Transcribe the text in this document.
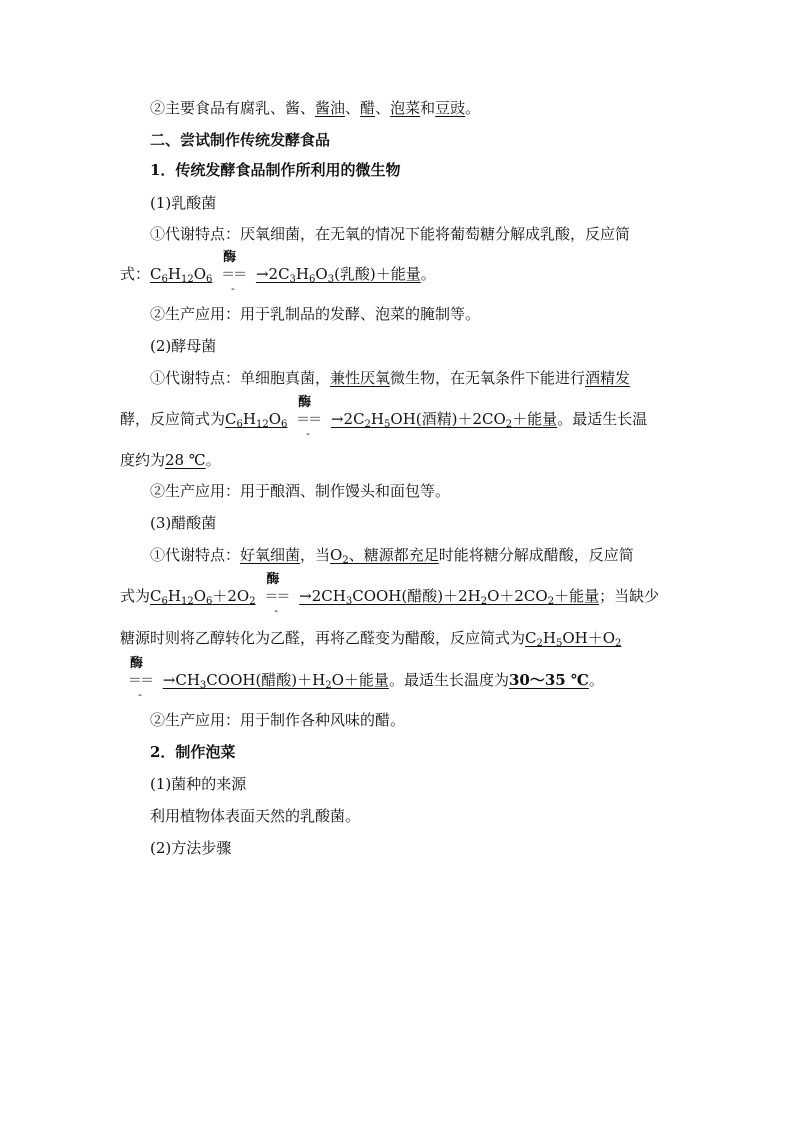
②主要食品有腐乳、酱、酱油、醋、泡菜和豆豉。
二、尝试制作传统发酵食品
1．传统发酵食品制作所利用的微生物
(1)乳酸菌
①代谢特点：厌氧细菌，在无氧的情况下能将葡萄糖分解成乳酸，反应简
式：$C_6H_{12}O_6$
酶
＝
-
＝ $\to 2C_3H_6O_3$(乳酸)＋能量。
②生产应用：用于乳制品的发酵、泡菜的腌制等。
(2)酵母菌
①代谢特点：单细胞真菌，兼性厌氧微生物，在无氧条件下能进行酒精发
酵，反应简式为$C_6H_{12}O_6$
酶
＝
-
＝ $\to 2C_2H_5OH$(酒精)$+2CO_2+$能量。最适生长温
度约为28 ℃。
②生产应用：用于酿酒、制作馒头和面包等。
(3)醋酸菌
①代谢特点：好氧细菌，当$O_2$、糖源都充足时能将糖分解成醋酸，反应简
式为$C_6H_{12}O_6+2O_2$
酶
＝
-
＝ $\to 2CH_3COOH$(醋酸)$+2H_2O+2CO_2+$能量；当缺少
糖源时则将乙醇转化为乙醛，再将乙醛变为醋酸，反应简式为$C_2H_5OH+O_2$
酶
＝
-
＝ $\to CH_3COOH$(醋酸)$+H_2O+$能量。最适生长温度为30～35 ℃。
②生产应用：用于制作各种风味的醋。
2．制作泡菜
(1)菌种的来源
利用植物体表面天然的乳酸菌。
(2)方法步骤
